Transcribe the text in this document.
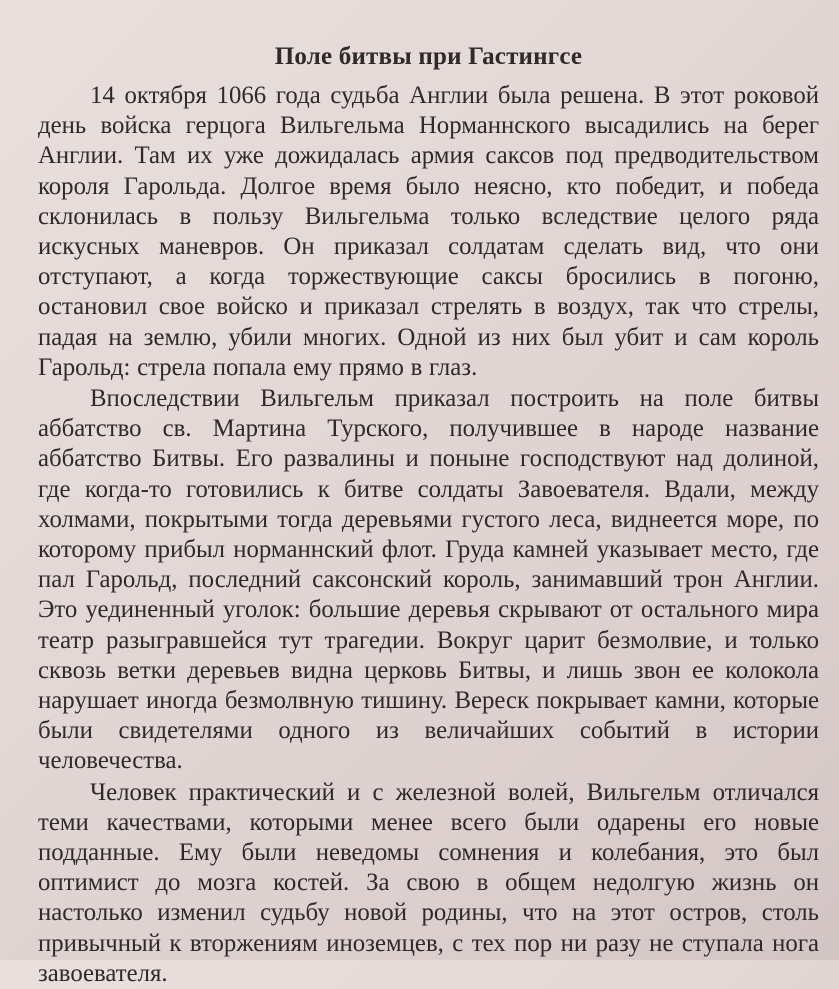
Поле битвы при Гастингсе

14 октября 1066 года судьба Англии была решена. В этот роковой день войска герцога Вильгельма Норманнского высадились на берег Англии. Там их уже дожидалась армия саксов под предводительством короля Гарольда. Долгое время было неясно, кто победит, и победа склонилась в пользу Вильгельма только вследствие целого ряда искусных маневров. Он приказал солдатам сделать вид, что они отступают, а когда торжествующие саксы бросились в погоню, остановил свое войско и приказал стрелять в воздух, так что стрелы, падая на землю, убили многих. Одной из них был убит и сам король Гарольд: стрела попала ему прямо в глаз.

Впоследствии Вильгельм приказал построить на поле битвы аббатство св. Мартина Турского, получившее в народе название аббатство Битвы. Его развалины и поныне господствуют над долиной, где когда-то готовились к битве солдаты Завоевателя. Вдали, между холмами, покрытыми тогда деревьями густого леса, виднеется море, по которому прибыл норманнский флот. Груда камней указывает место, где пал Гарольд, последний саксонский король, занимавший трон Англии. Это уединенный уголок: большие деревья скрывают от остального мира театр разыгравшейся тут трагедии. Вокруг царит безмолвие, и только сквозь ветки деревьев видна церковь Битвы, и лишь звон ее колокола нарушает иногда безмолвную тишину. Вереск покрывает камни, которые были свидетелями одного из величайших событий в истории человечества.

Человек практический и с железной волей, Вильгельм отличался теми качествами, которыми менее всего были одарены его новые подданные. Ему были неведомы сомнения и колебания, это был оптимист до мозга костей. За свою в общем недолгую жизнь он настолько изменил судьбу новой родины, что на этот остров, столь привычный к вторжениям иноземцев, с тех пор ни разу не ступала нога завоевателя.
